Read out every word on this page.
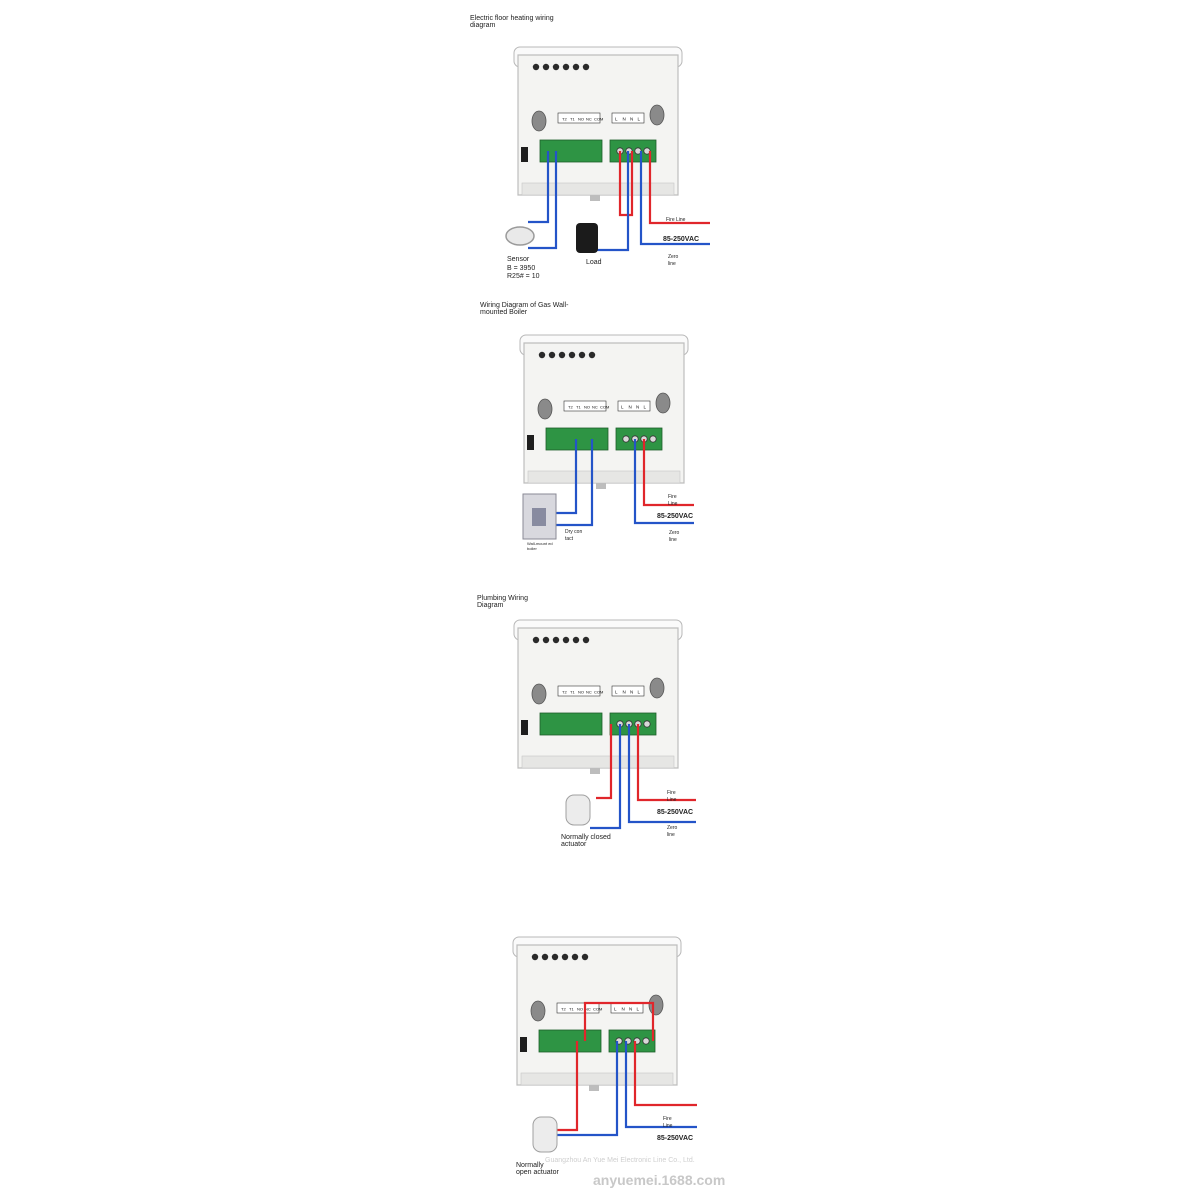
T2 T1 NO NC COM	L N N L
T2 T1 NO NC COM	L N N L
T2 T1 NO NC COM	L N N L
T2 T1 NO NC COM	L N N L
Electric floor heating wiring diagram
Wiring Diagram of Gas Wall-mounted Boiler
Plumbing Wiring Diagram
Sensor
B = 3950
R25# = 10
Load
Fire Line
85-250VAC
Zero line
Fire Line
85-250VAC
Zero line
Dry con tact
Wall-mount ed boiler
Fire Line
85-250VAC
Zero line
Normally closed actuator
Fire Line
85-250VAC
Normally open actuator
Guangzhou An Yue Mei Electronic Line Co., Ltd.
anyuemei.1688.com
